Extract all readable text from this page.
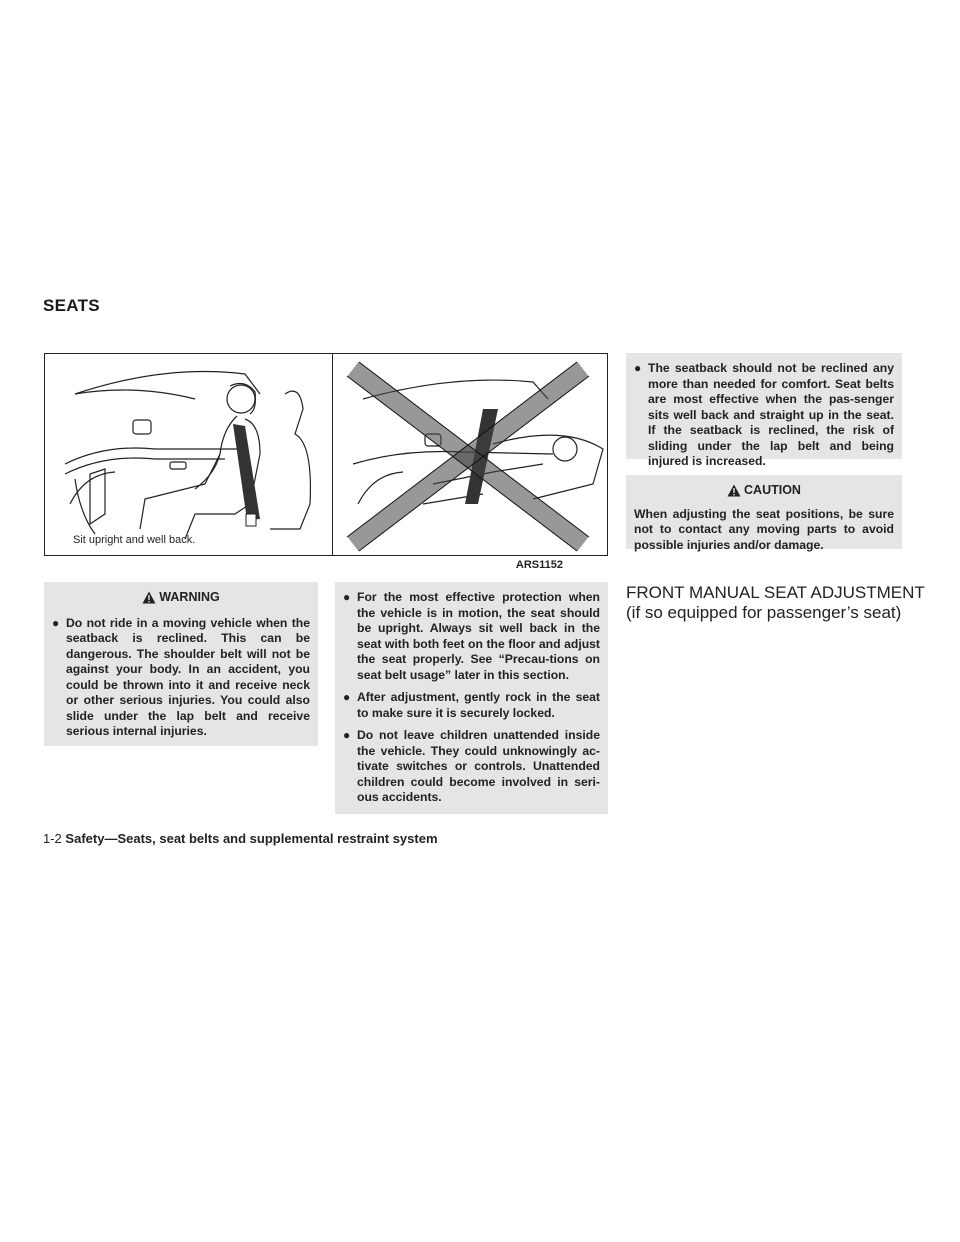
SEATS
Sit upright and well back.
ARS1152
WARNING
● Do not ride in a moving vehicle when the seatback is reclined. This can be dangerous. The shoulder belt will not be against your body. In an accident, you could be thrown into it and receive neck or other serious injuries. You could also slide under the lap belt and receive serious internal injuries.
● For the most effective protection when the vehicle is in motion, the seat should be upright. Always sit well back in the seat with both feet on the floor and adjust the seat properly. See “Precau-tions on seat belt usage” later in this section.
● After adjustment, gently rock in the seat to make sure it is securely locked.
● Do not leave children unattended inside the vehicle. They could unknowingly ac-tivate switches or controls. Unattended children could become involved in seri-ous accidents.
● The seatback should not be reclined any more than needed for comfort. Seat belts are most effective when the pas-senger sits well back and straight up in the seat. If the seatback is reclined, the risk of sliding under the lap belt and being injured is increased.
CAUTION
When adjusting the seat positions, be sure not to contact any moving parts to avoid possible injuries and/or damage.
FRONT MANUAL SEAT ADJUSTMENT (if so equipped for passenger’s seat)
1-2 Safety—Seats, seat belts and supplemental restraint system
